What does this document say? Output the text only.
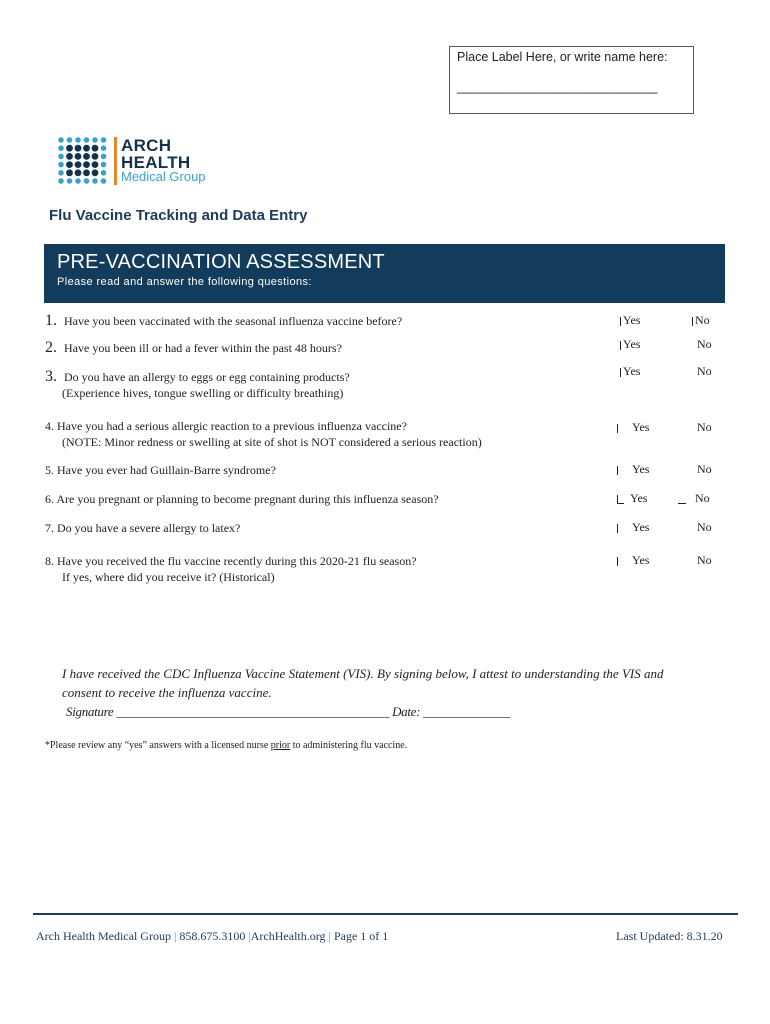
Place Label Here, or write name here:
_______________________________
ARCH
HEALTH
Medical Group
Flu Vaccine Tracking and Data Entry
PRE-VACCINATION ASSESSMENT
Please read and answer the following questions:
1. Have you been vaccinated with the seasonal influenza vaccine before?	Yes	No
2. Have you been ill or had a fever within the past 48 hours?	Yes	No
3. Do you have an allergy to eggs or egg containing products?
(Experience hives, tongue swelling or difficulty breathing)
Yes	No
4. Have you had a serious allergic reaction to a previous influenza vaccine?
(NOTE: Minor redness or swelling at site of shot is NOT considered a serious reaction)
Yes	No
5. Have you ever had Guillain-Barre syndrome?	Yes	No
6. Are you pregnant or planning to become pregnant during this influenza season?	Yes	No
7. Do you have a severe allergy to latex?	Yes	No
8. Have you received the flu vaccine recently during this 2020-21 flu season?
If yes, where did you receive it? (Historical)
Yes	No
I have received the CDC Influenza Vaccine Statement (VIS). By signing below, I attest to understanding the VIS and
consent to receive the influenza vaccine.
Signature ____________________________________________ Date: ______________
*Please review any “yes” answers with a licensed nurse prior to administering flu vaccine.
Arch Health Medical Group | 858.675.3100 |ArchHealth.org | Page 1 of 1	Last Updated: 8.31.20
